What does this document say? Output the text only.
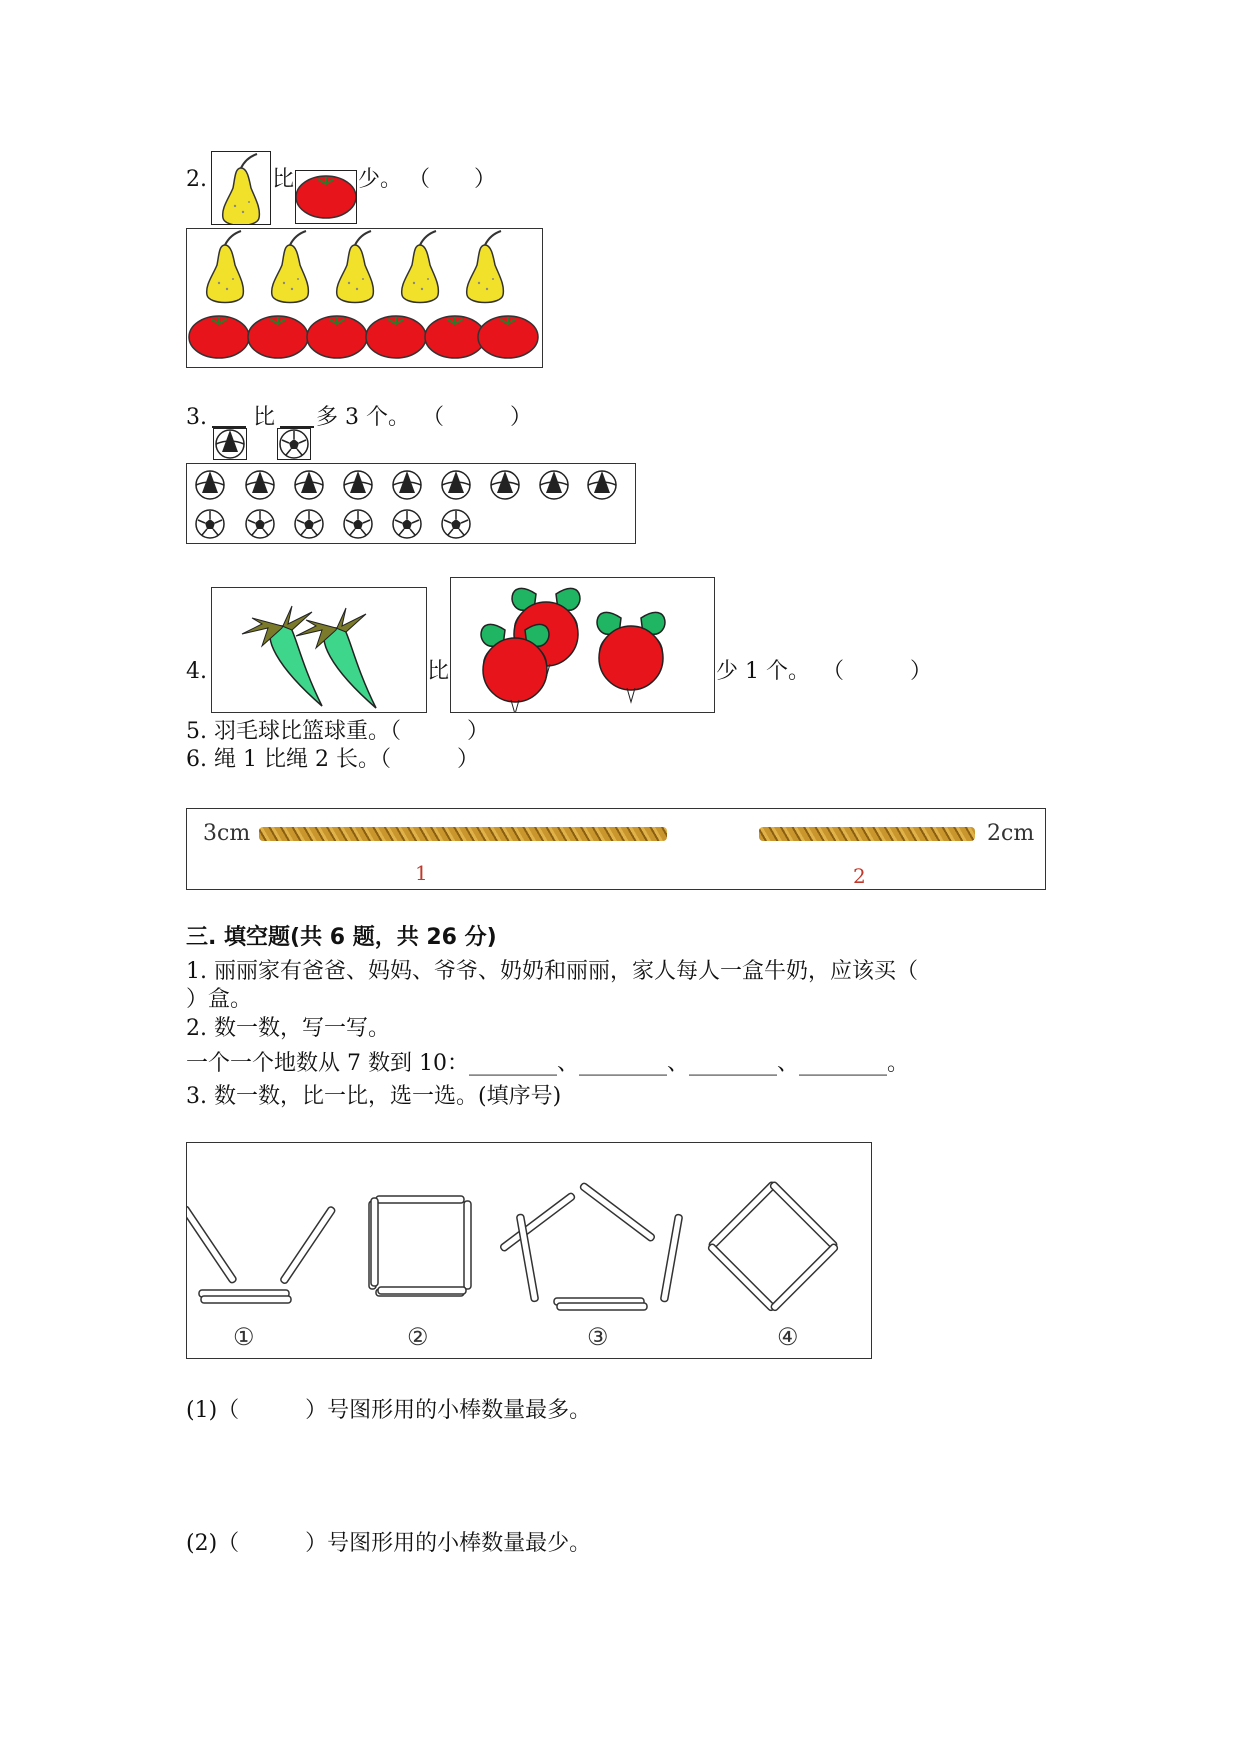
2.	比	少。 （　　）
3. 比 多 3 个。 （　　　）
4.	比	少 1 个。 （　　　）
5. 羽毛球比篮球重。（　　　）
6. 绳 1 比绳 2 长。（　　　）
3cm
1
2cm
2
三. 填空题(共 6 题，共 26 分)
1. 丽丽家有爸爸、妈妈、爷爷、奶奶和丽丽，家人每人一盒牛奶，应该买（
）盒。
2. 数一数，写一写。
一个一个地数从 7 数到 10：________、________、________、________。
3. 数一数，比一比，选一选。(填序号)
①	②	③	④
(1)（　　　）号图形用的小棒数量最多。
(2)（　　　）号图形用的小棒数量最少。
